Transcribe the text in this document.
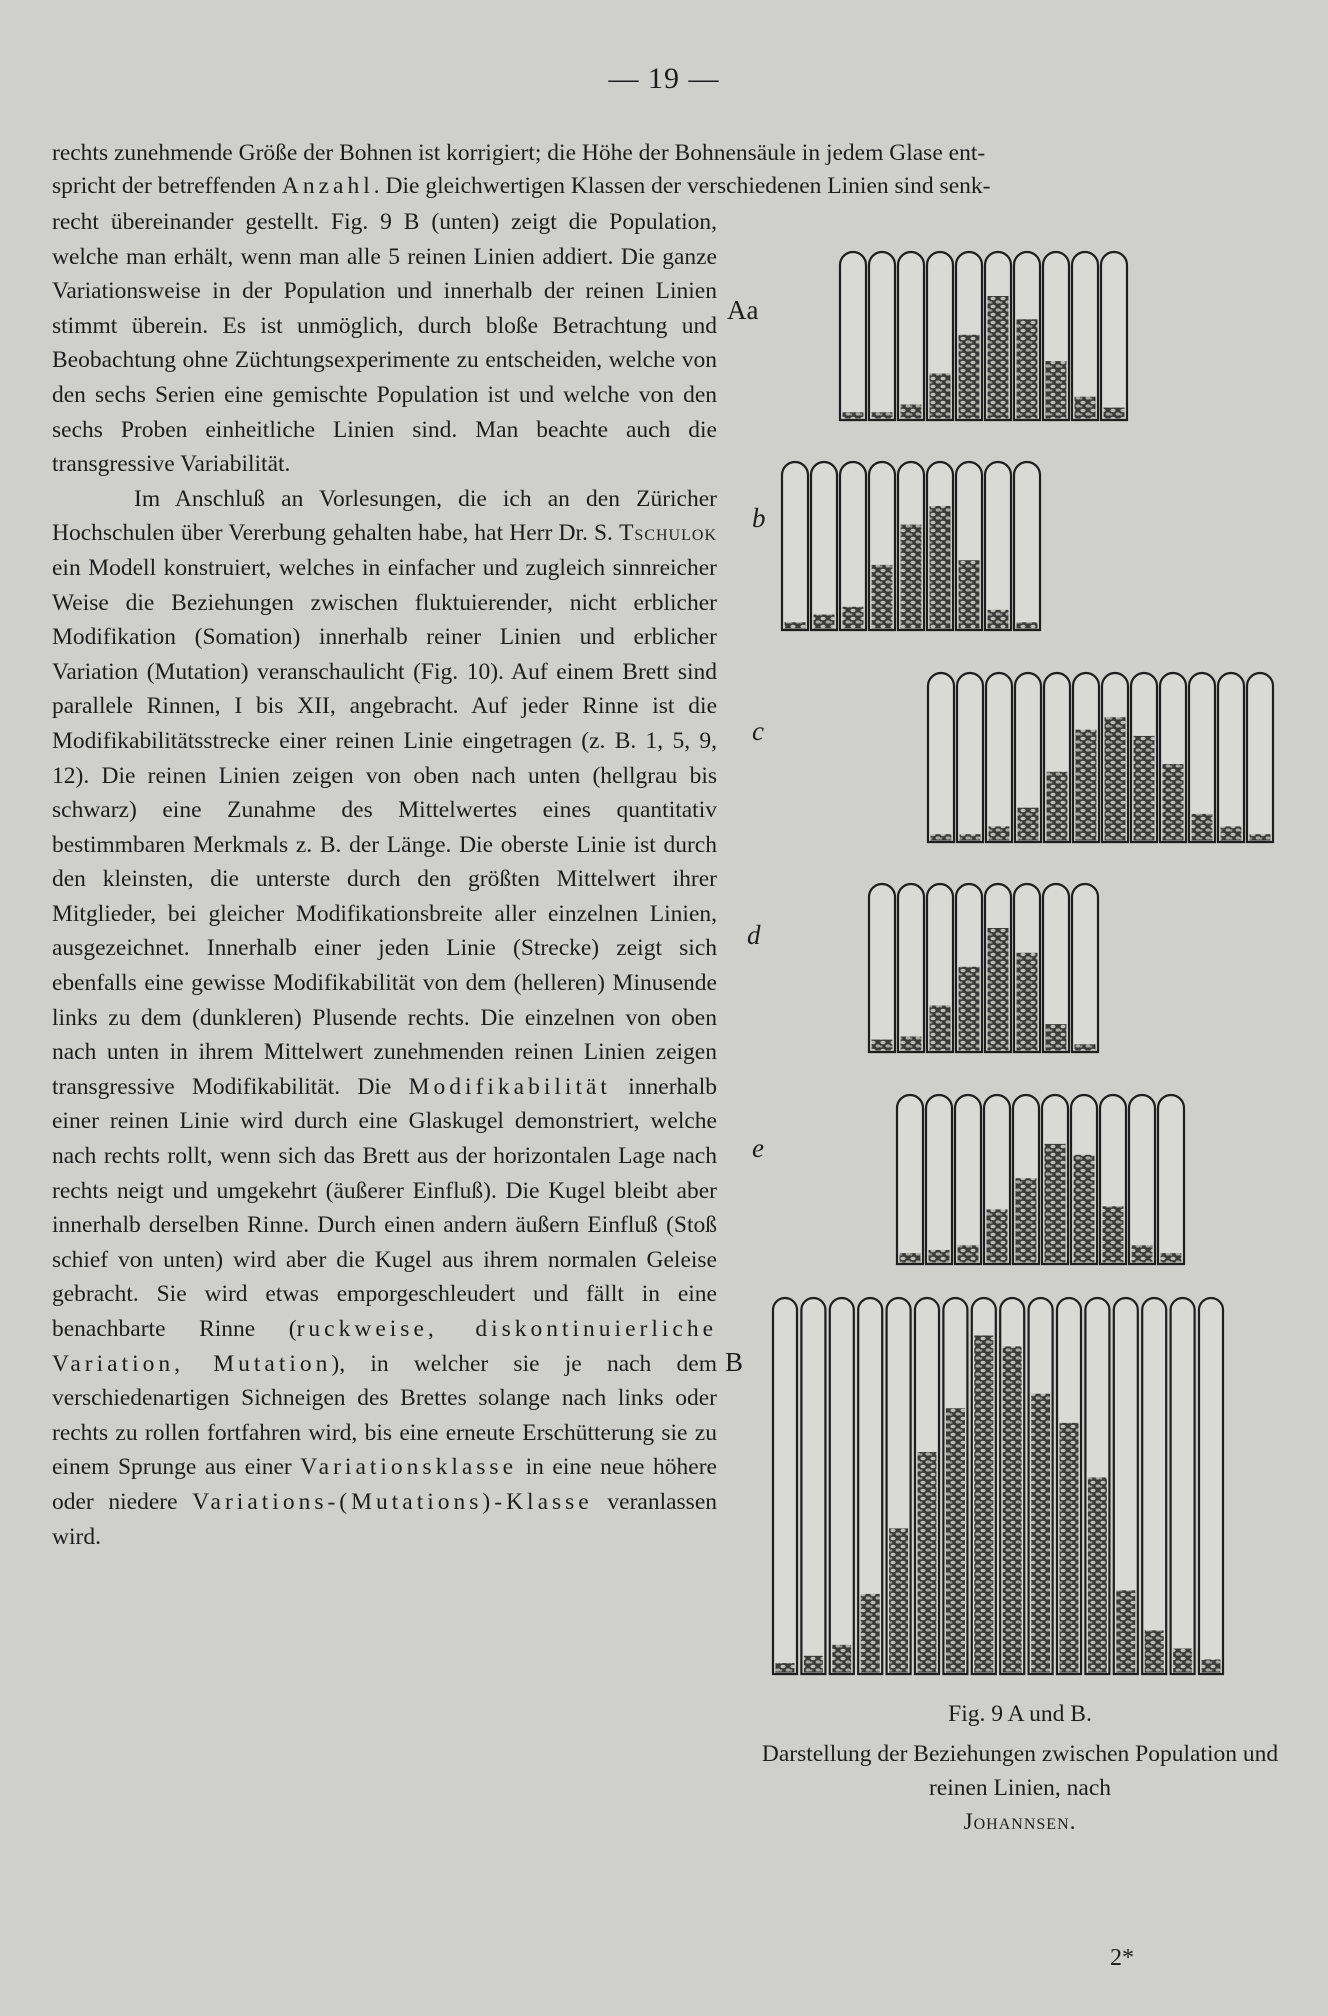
— 19 —
rechts zunehmende Größe der Bohnen ist korrigiert; die Höhe der Bohnensäule in jedem Glase ent-
spricht der betreffenden Anzahl. Die gleichwertigen Klassen der verschiedenen Linien sind senk-

recht übereinander gestellt. Fig. 9 B (unten) zeigt die Population, welche man erhält, wenn man alle 5 reinen Linien addiert. Die ganze Variationsweise in der Population und innerhalb der reinen Linien stimmt überein. Es ist unmöglich, durch bloße Betrachtung und Beobachtung ohne Züchtungsexperimente zu entscheiden, welche von den sechs Serien eine gemischte Population ist und welche von den sechs Proben einheitliche Linien sind. Man beachte auch die transgressive Variabilität.

Im Anschluß an Vorlesungen, die ich an den Züricher Hochschulen über Vererbung gehalten habe, hat Herr Dr. S. Tschulok ein Modell konstruiert, welches in einfacher und zugleich sinnreicher Weise die Beziehungen zwischen fluktuierender, nicht erblicher Modifikation (Somation) innerhalb reiner Linien und erblicher Variation (Mutation) veranschaulicht (Fig. 10). Auf einem Brett sind parallele Rinnen, I bis XII, angebracht. Auf jeder Rinne ist die Modifikabilitätsstrecke einer reinen Linie eingetragen (z. B. 1, 5, 9, 12). Die reinen Linien zeigen von oben nach unten (hellgrau bis schwarz) eine Zunahme des Mittelwertes eines quantitativ bestimmbaren Merkmals z. B. der Länge. Die oberste Linie ist durch den kleinsten, die unterste durch den größten Mittelwert ihrer Mitglieder, bei gleicher Modifikationsbreite aller einzelnen Linien, ausgezeichnet. Innerhalb einer jeden Linie (Strecke) zeigt sich ebenfalls eine gewisse Modifikabilität von dem (helleren) Minusende links zu dem (dunkleren) Plusende rechts. Die einzelnen von oben nach unten in ihrem Mittelwert zunehmenden reinen Linien zeigen transgressive Modifikabilität. Die Modifikabilität innerhalb einer reinen Linie wird durch eine Glaskugel demonstriert, welche nach rechts rollt, wenn sich das Brett aus der horizontalen Lage nach rechts neigt und umgekehrt (äußerer Einfluß). Die Kugel bleibt aber innerhalb derselben Rinne. Durch einen andern äußern Einfluß (Stoß schief von unten) wird aber die Kugel aus ihrem normalen Geleise gebracht. Sie wird etwas emporgeschleudert und fällt in eine benachbarte Rinne (ruckweise, diskontinuierliche Variation, Mutation), in welcher sie je nach dem verschiedenartigen Sichneigen des Brettes solange nach links oder rechts zu rollen fortfahren wird, bis eine erneute Erschütterung sie zu einem Sprunge aus einer Variationsklasse in eine neue höhere oder niedere Variations-(Mutations)-Klasse veranlassen wird.

Aa
b
c
d
e
B
Fig. 9 A und B.
Darstellung der Beziehungen zwischen Population und reinen Linien, nach
Johannsen.
2*
